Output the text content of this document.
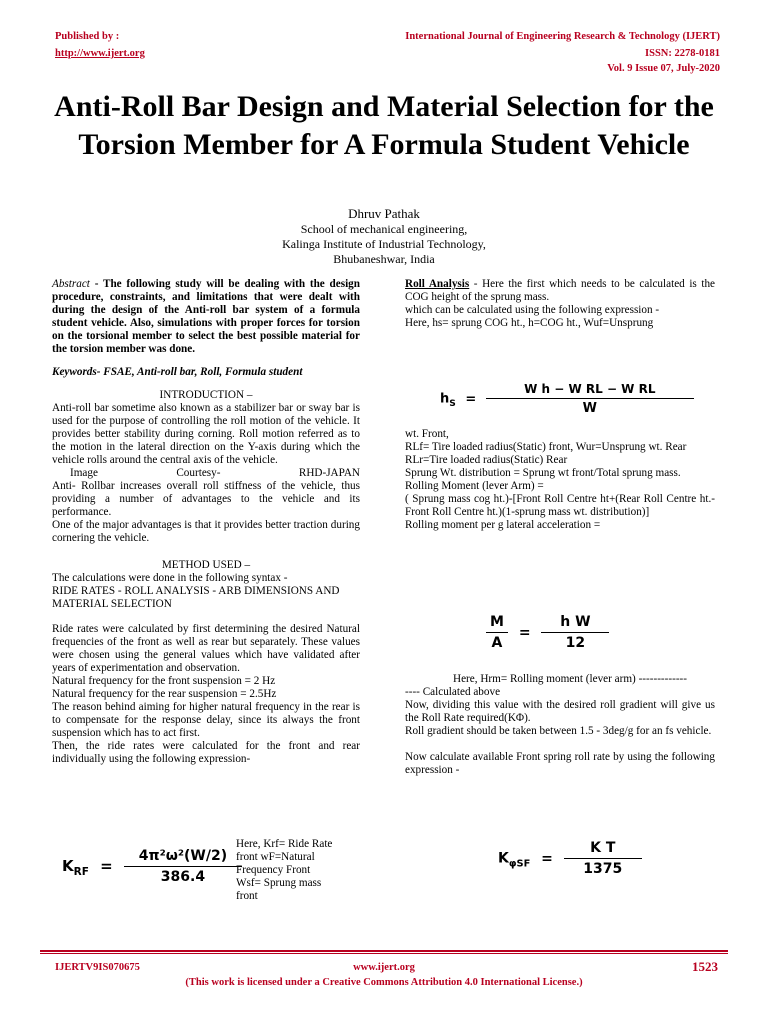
Published by :
http://www.ijert.org
International Journal of Engineering Research & Technology (IJERT)
ISSN: 2278-0181
Vol. 9 Issue 07, July-2020
Anti-Roll Bar Design and Material Selection for the Torsion Member for A Formula Student Vehicle
Dhruv Pathak
School of mechanical engineering,
Kalinga Institute of Industrial Technology,
Bhubaneshwar, India

Abstract - The following study will be dealing with the design procedure, constraints, and limitations that were dealt with during the design of the Anti-roll bar system of a formula student vehicle. Also, simulations with proper forces for torsion on the torsional member to select the best possible material for the torsion member was done.

Keywords- FSAE, Anti-roll bar, Roll, Formula student

INTRODUCTION –

Anti-roll bar sometime also known as a stabilizer bar or sway bar is used for the purpose of controlling the roll motion of the vehicle. It provides better stability during corning. Roll motion referred as to the motion in the lateral direction on the Y-axis during which the vehicle rolls around the central axis of the vehicle.

Image	Courtesy-	RHD-JAPAN

Anti- Rollbar increases overall roll stiffness of the vehicle, thus providing a number of advantages to the vehicle and its performance.

One of the major advantages is that it provides better traction during cornering the vehicle.

METHOD USED –

The calculations were done in the following syntax -

RIDE RATES - ROLL ANALYSIS - ARB DIMENSIONS AND MATERIAL SELECTION

Ride rates were calculated by first determining the desired Natural frequencies of the front as well as rear but separately. These values were chosen using the general values which have validated after years of experimentation and observation.

Natural frequency for the front suspension = 2 Hz

Natural frequency for the rear suspension = 2.5Hz

The reason behind aiming for higher natural frequency in the rear is to compensate for the response delay, since its always the front suspension which has to act first.

Then, the ride rates were calculated for the front and rear individually using the following expression-

$K_{RF} = \frac{\text{4π²ω²(W/2)}}{386.4}$

Here, Krf= Ride Rate

front wF=Natural

Frequency Front

Wsf= Sprung mass

front

Roll Analysis - Here the first which needs to be calculated is the COG height of the sprung mass.

which can be calculated using the following expression -

Here, hs= sprung COG ht., h=COG ht., Wuf=Unsprung

$h_S = \frac{\text{W h − W RL − W RL}}{W}$

wt. Front,

RLf= Tire loaded radius(Static) front, Wur=Unsprung wt. Rear

RLr=Tire loaded radius(Static) Rear

Sprung Wt. distribution = Sprung wt front/Total sprung mass.

Rolling Moment (lever Arm) =

( Sprung mass cog ht.)-[Front Roll Centre ht+(Rear Roll Centre ht.-Front Roll Centre ht.)(1-sprung mass wt. distribution)]

Rolling moment per g lateral acceleration =

$\frac{M}{A} = \frac{\text{h W}}{12}$

Here, Hrm= Rolling moment (lever arm) -------------

---- Calculated above

Now, dividing this value with the desired roll gradient will give us the Roll Rate required(KΦ).

Roll gradient should be taken between 1.5 - 3deg/g for an fs vehicle.

Now calculate available Front spring roll rate by using the following expression -

$K_{\varphi SF} = \frac{\text{K T}}{1375}$
IJERTV9IS070675	www.ijert.org
(This work is licensed under a Creative Commons Attribution 4.0 International License.)
1523
